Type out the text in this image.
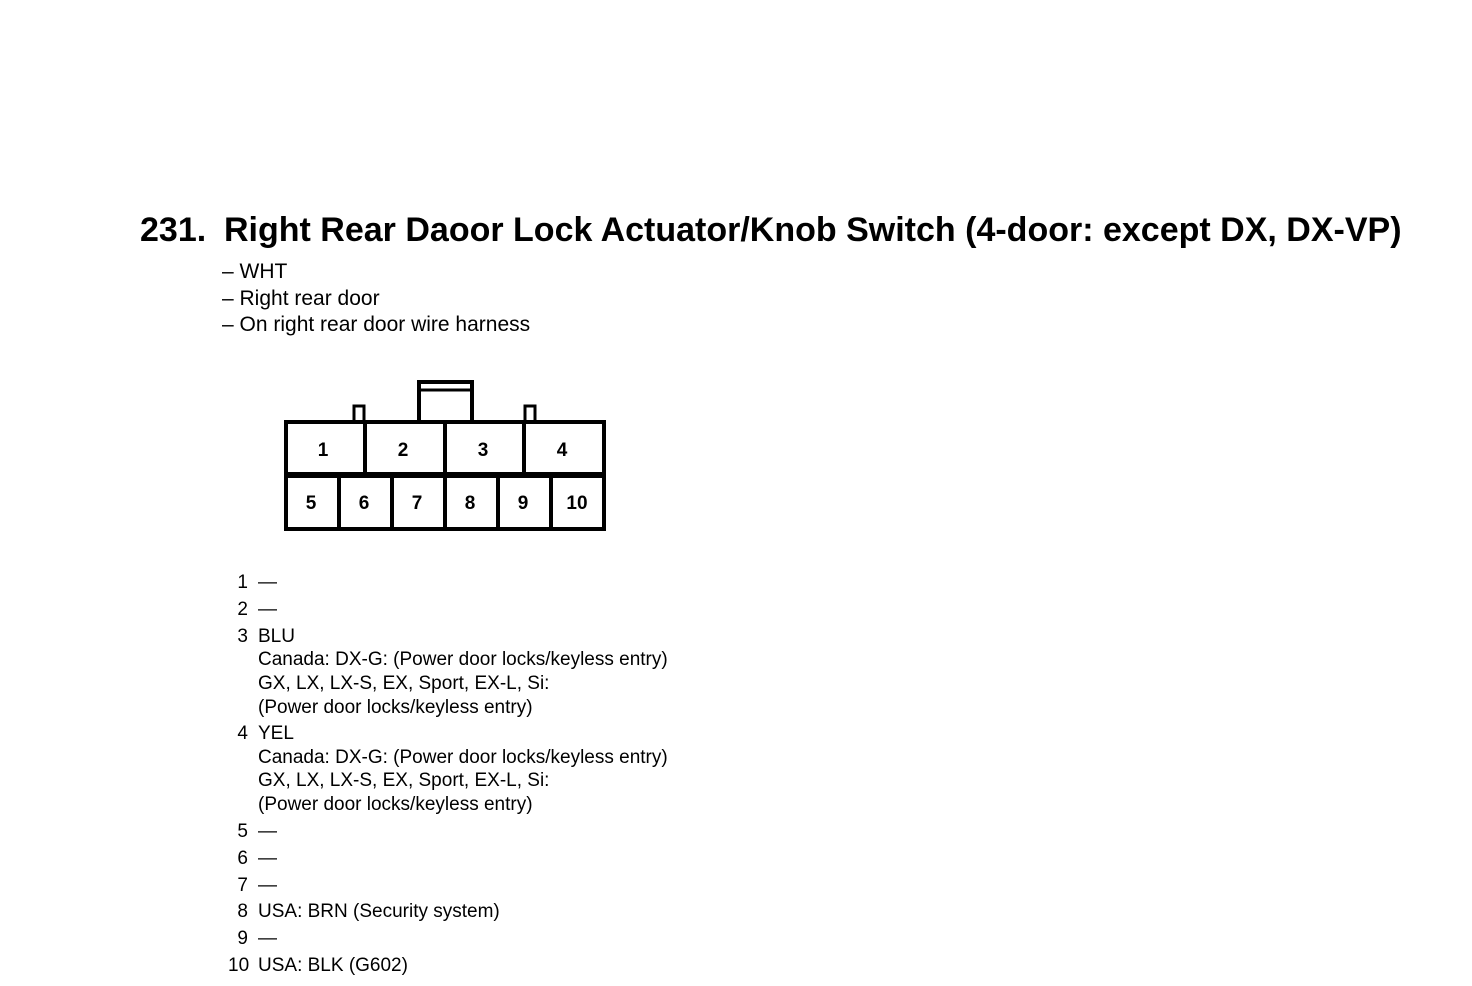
231. Right Rear Daoor Lock Actuator/Knob Switch (4-door: except DX, DX-VP)
– WHT
– Right rear door
– On right rear door wire harness
1	2	3	4
5 6 7 8 9 10
1 —
2 —
3 BLU
Canada: DX-G: (Power door locks/keyless entry)
GX, LX, LX-S, EX, Sport, EX-L, Si:
(Power door locks/keyless entry)
4 YEL
Canada: DX-G: (Power door locks/keyless entry)
GX, LX, LX-S, EX, Sport, EX-L, Si:
(Power door locks/keyless entry)
5 —
6 —
7 —
8 USA: BRN (Security system)
9 —
10 USA: BLK (G602)
